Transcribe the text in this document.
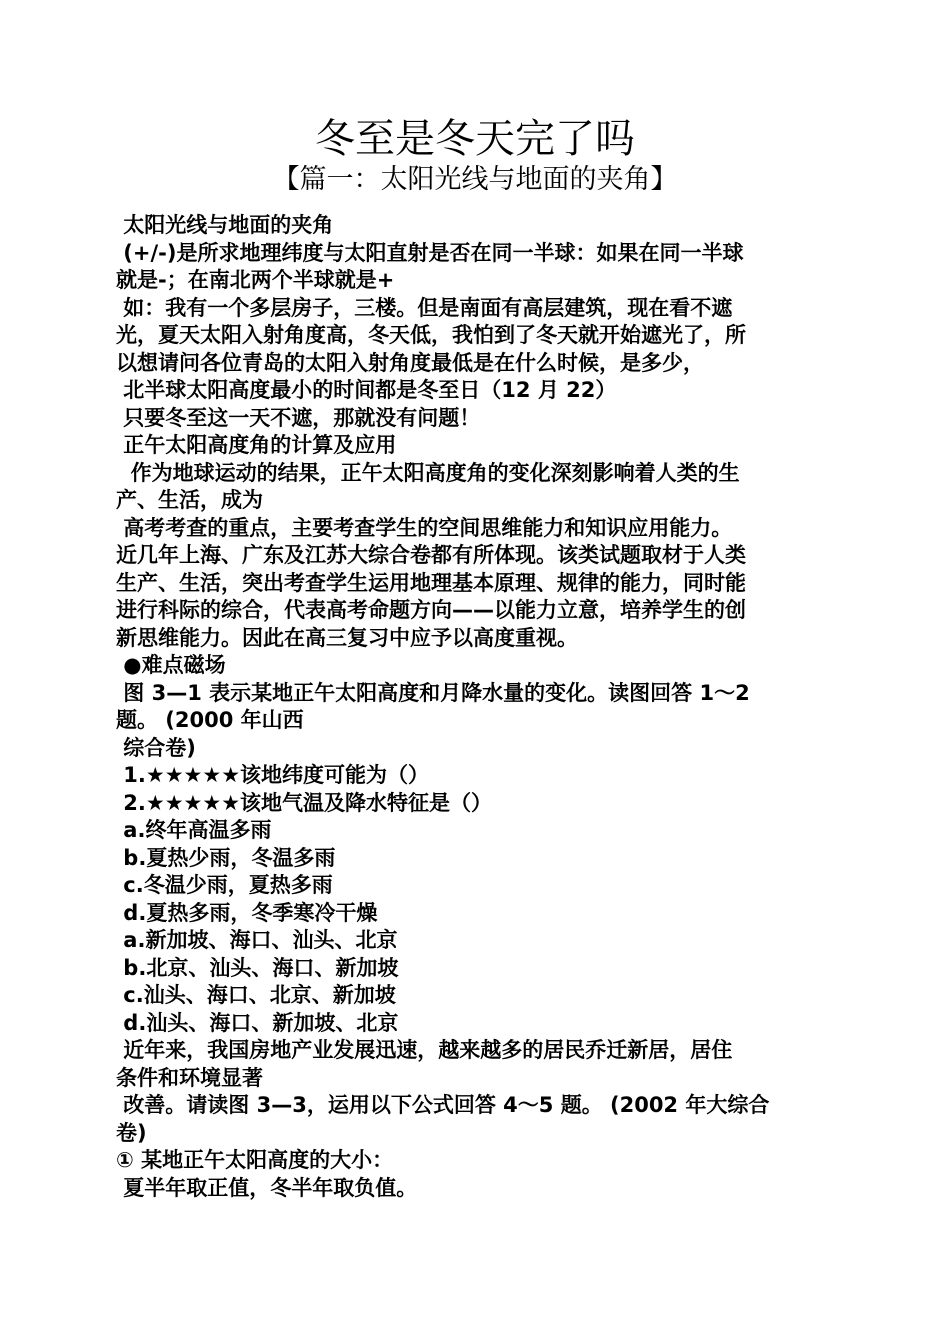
冬至是冬天完了吗
【篇一：太阳光线与地面的夹角】
太阳光线与地面的夹角
(+/-)是所求地理纬度与太阳直射是否在同一半球：如果在同一半球
就是-；在南北两个半球就是+
如：我有一个多层房子，三楼。但是南面有高层建筑，现在看不遮
光，夏天太阳入射角度高，冬天低，我怕到了冬天就开始遮光了，所
以想请问各位青岛的太阳入射角度最低是在什么时候，是多少，
北半球太阳高度最小的时间都是冬至日（12 月 22）
只要冬至这一天不遮，那就没有问题！
正午太阳高度角的计算及应用
作为地球运动的结果，正午太阳高度角的变化深刻影响着人类的生
产、生活，成为
高考考查的重点，主要考查学生的空间思维能力和知识应用能力。
近几年上海、广东及江苏大综合卷都有所体现。该类试题取材于人类
生产、生活，突出考查学生运用地理基本原理、规律的能力，同时能
进行科际的综合，代表高考命题方向——以能力立意，培养学生的创
新思维能力。因此在高三复习中应予以高度重视。
●难点磁场
图 3—1 表示某地正午太阳高度和月降水量的变化。读图回答 1～2
题。 (2000 年山西
综合卷)
1.★★★★★该地纬度可能为（）
2.★★★★★该地气温及降水特征是（）
a.终年高温多雨
b.夏热少雨，冬温多雨
c.冬温少雨，夏热多雨
d.夏热多雨，冬季寒冷干燥
a.新加坡、海口、汕头、北京
b.北京、汕头、海口、新加坡
c.汕头、海口、北京、新加坡
d.汕头、海口、新加坡、北京
近年来，我国房地产业发展迅速，越来越多的居民乔迁新居，居住
条件和环境显著
改善。请读图 3—3，运用以下公式回答 4～5 题。 (2002 年大综合
卷)
① 某地正午太阳高度的大小：
夏半年取正值，冬半年取负值。
